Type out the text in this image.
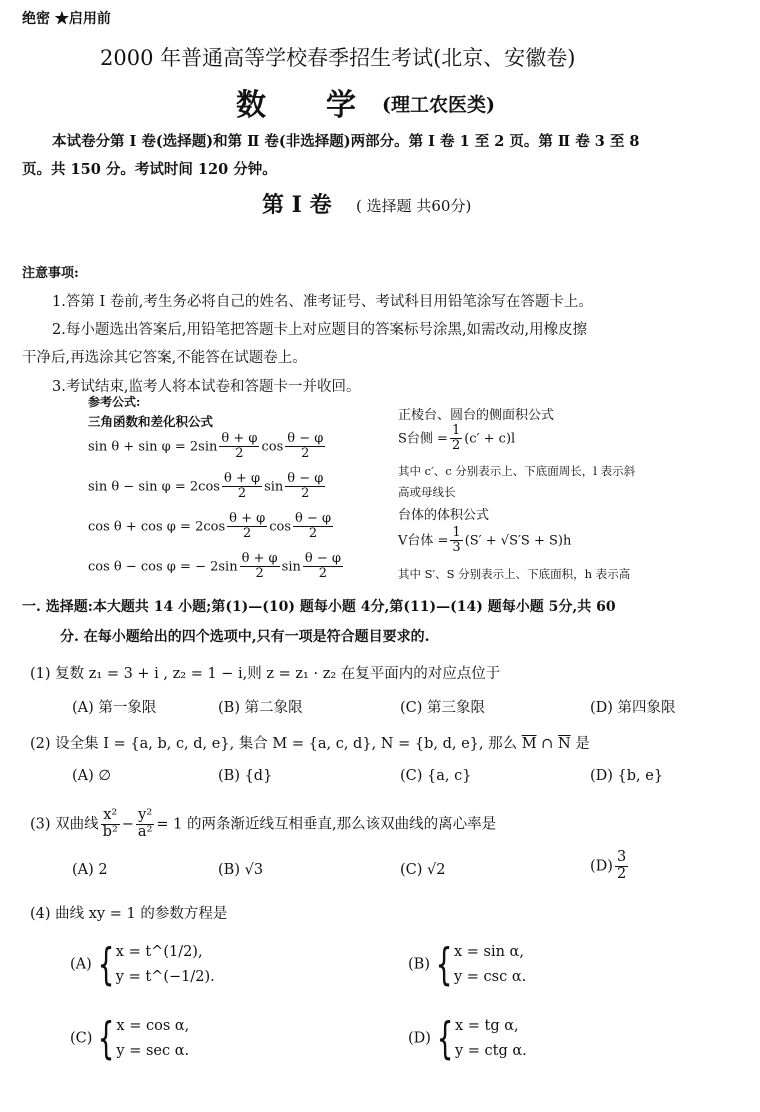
绝密 ★启用前
2000 年普通高等学校春季招生考试(北京、安徽卷)
数　　学 (理工农医类)
本试卷分第 Ⅰ 卷(选择题)和第 Ⅱ 卷(非选择题)两部分。第 Ⅰ 卷 1 至 2 页。第 Ⅱ 卷 3 至 8
页。共 150 分。考试时间 120 分钟。
第 Ⅰ 卷 ( 选择题 共60分)
注意事项:
1.答第 Ⅰ 卷前,考生务必将自己的姓名、准考证号、考试科目用铅笔涂写在答题卡上。
2.每小题选出答案后,用铅笔把答题卡上对应题目的答案标号涂黑,如需改动,用橡皮擦
干净后,再选涂其它答案,不能答在试题卷上。
3.考试结束,监考人将本试卷和答题卡一并收回。
参考公式:
三角函数和差化积公式
$\sin \theta + \sin \varphi = 2\sin \frac{\theta + \varphi}{2}$ $\cos \frac{\theta - \varphi}{2}$
$\sin \theta - \sin \varphi = 2\cos \frac{\theta + \varphi}{2}$ $\sin \frac{\theta - \varphi}{2}$
$\cos \theta + \cos \varphi = 2\cos \frac{\theta + \varphi}{2}$ $\cos \frac{\theta - \varphi}{2}$
cos θ − cos φ = − $2\sin \frac{\theta + \varphi}{2}$ $\sin \frac{\theta - \varphi}{2}$
正棱台、圆台的侧面积公式
S台侧 = $\frac{1}{2} (c' + c)l$
其中 c′、c 分别表示上、下底面周长，l 表示斜
高或母线长
台体的体积公式
V台体 = $\frac{1}{3} (S' + √S'S + S)h$
其中 S′、S 分别表示上、下底面积，h 表示高
一. 选择题:本大题共 14 小题;第(1)—(10) 题每小题 4分,第(11)—(14) 题每小题 5分,共 60
分. 在每小题给出的四个选项中,只有一项是符合题目要求的.
(1) 复数 z₁ = 3 + i , z₂ = 1 − i,则 z = z₁ · z₂ 在复平面内的对应点位于
(A) 第一象限	(B) 第二象限	(C) 第三象限	(D) 第四象限
(2) 设全集 I = {a, b, c, d, e}, 集合 M = {a, c, d}, N = {b, d, e}, 那么 $\overline{M}$ ∩ $\overline{N}$ 是
(A) ∅	(B) {d}	(C) {a, c}	(D) {b, e}
(3) 双曲线 $\frac{\text{x²}}{\text{b²}} - \frac{\text{y²}}{\text{a²}} = 1$ 的两条渐近线互相垂直,那么该双曲线的离心率是
(A) 2	(B) √3	(C) √2	$(D) \frac{3}{2}$
(4) 曲线 xy = 1 的参数方程是
(A) { x = t^(1/2),
y = t^(−1/2).
(B) { x = sin α,
y = csc α.
(C) { x = cos α,
y = sec α.
(D) { x = tg α,
y = ctg α.
